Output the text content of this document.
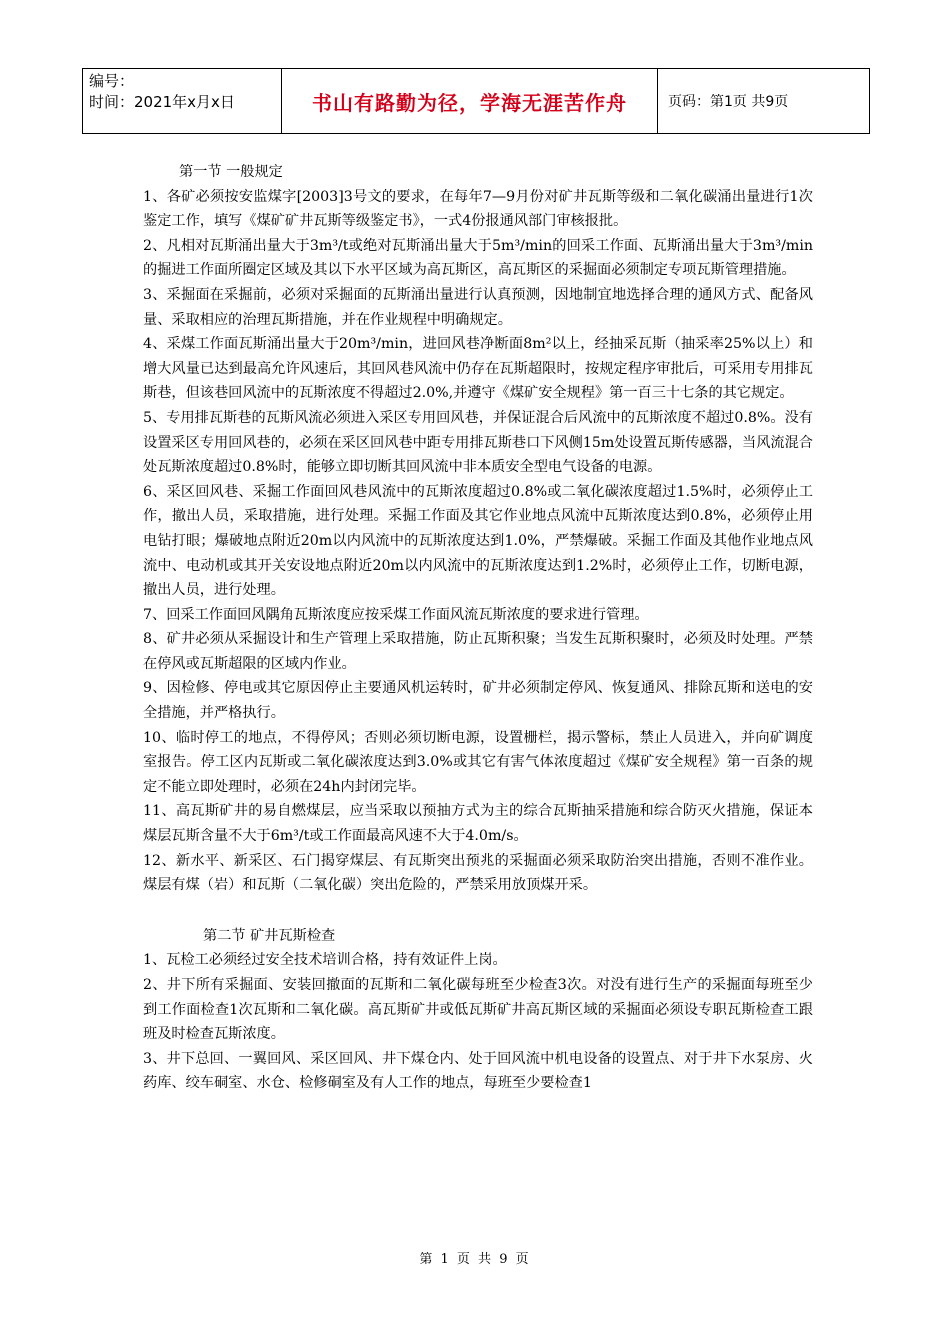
编号：
时间：2021年x月x日	书山有路勤为径，学海无涯苦作舟	页码：第1页 共9页

第一节 一般规定

1、各矿必须按安监煤字[2003]3号文的要求，在每年7—9月份对矿井瓦斯等级和二氧化碳涌出量进行1次鉴定工作，填写《煤矿矿井瓦斯等级鉴定书》，一式4份报通风部门审核报批。

2、凡相对瓦斯涌出量大于3m³/t或绝对瓦斯涌出量大于5m³/min的回采工作面、瓦斯涌出量大于3m³/min的掘进工作面所圈定区域及其以下水平区域为高瓦斯区，高瓦斯区的采掘面必须制定专项瓦斯管理措施。

3、采掘面在采掘前，必须对采掘面的瓦斯涌出量进行认真预测，因地制宜地选择合理的通风方式、配备风量、采取相应的治理瓦斯措施，并在作业规程中明确规定。

4、采煤工作面瓦斯涌出量大于20m³/min，进回风巷净断面8m²以上，经抽采瓦斯（抽采率25%以上）和增大风量已达到最高允许风速后，其回风巷风流中仍存在瓦斯超限时，按规定程序审批后，可采用专用排瓦斯巷，但该巷回风流中的瓦斯浓度不得超过2.0%,并遵守《煤矿安全规程》第一百三十七条的其它规定。

5、专用排瓦斯巷的瓦斯风流必须进入采区专用回风巷，并保证混合后风流中的瓦斯浓度不超过0.8%。没有设置采区专用回风巷的，必须在采区回风巷中距专用排瓦斯巷口下风侧15m处设置瓦斯传感器，当风流混合处瓦斯浓度超过0.8%时，能够立即切断其回风流中非本质安全型电气设备的电源。

6、采区回风巷、采掘工作面回风巷风流中的瓦斯浓度超过0.8%或二氧化碳浓度超过1.5%时，必须停止工作，撤出人员，采取措施，进行处理。采掘工作面及其它作业地点风流中瓦斯浓度达到0.8%，必须停止用电钻打眼；爆破地点附近20m以内风流中的瓦斯浓度达到1.0%，严禁爆破。采掘工作面及其他作业地点风流中、电动机或其开关安设地点附近20m以内风流中的瓦斯浓度达到1.2%时，必须停止工作，切断电源，撤出人员，进行处理。

7、回采工作面回风隅角瓦斯浓度应按采煤工作面风流瓦斯浓度的要求进行管理。

8、矿井必须从采掘设计和生产管理上采取措施，防止瓦斯积聚；当发生瓦斯积聚时，必须及时处理。严禁在停风或瓦斯超限的区域内作业。

9、因检修、停电或其它原因停止主要通风机运转时，矿井必须制定停风、恢复通风、排除瓦斯和送电的安全措施，并严格执行。

10、临时停工的地点，不得停风；否则必须切断电源，设置栅栏，揭示警标，禁止人员进入，并向矿调度室报告。停工区内瓦斯或二氧化碳浓度达到3.0%或其它有害气体浓度超过《煤矿安全规程》第一百条的规定不能立即处理时，必须在24h内封闭完毕。

11、高瓦斯矿井的易自燃煤层，应当采取以预抽方式为主的综合瓦斯抽采措施和综合防灭火措施，保证本煤层瓦斯含量不大于6m³/t或工作面最高风速不大于4.0m/s。

12、新水平、新采区、石门揭穿煤层、有瓦斯突出预兆的采掘面必须采取防治突出措施，否则不准作业。煤层有煤（岩）和瓦斯（二氧化碳）突出危险的，严禁采用放顶煤开采。

第二节 矿井瓦斯检查

1、瓦检工必须经过安全技术培训合格，持有效证件上岗。

2、井下所有采掘面、安装回撤面的瓦斯和二氧化碳每班至少检查3次。对没有进行生产的采掘面每班至少到工作面检查1次瓦斯和二氧化碳。高瓦斯矿井或低瓦斯矿井高瓦斯区域的采掘面必须设专职瓦斯检查工跟班及时检查瓦斯浓度。

3、井下总回、一翼回风、采区回风、井下煤仓内、处于回风流中机电设备的设置点、对于井下水泵房、火药库、绞车硐室、水仓、检修硐室及有人工作的地点，每班至少要检查1

第 1 页 共 9 页
